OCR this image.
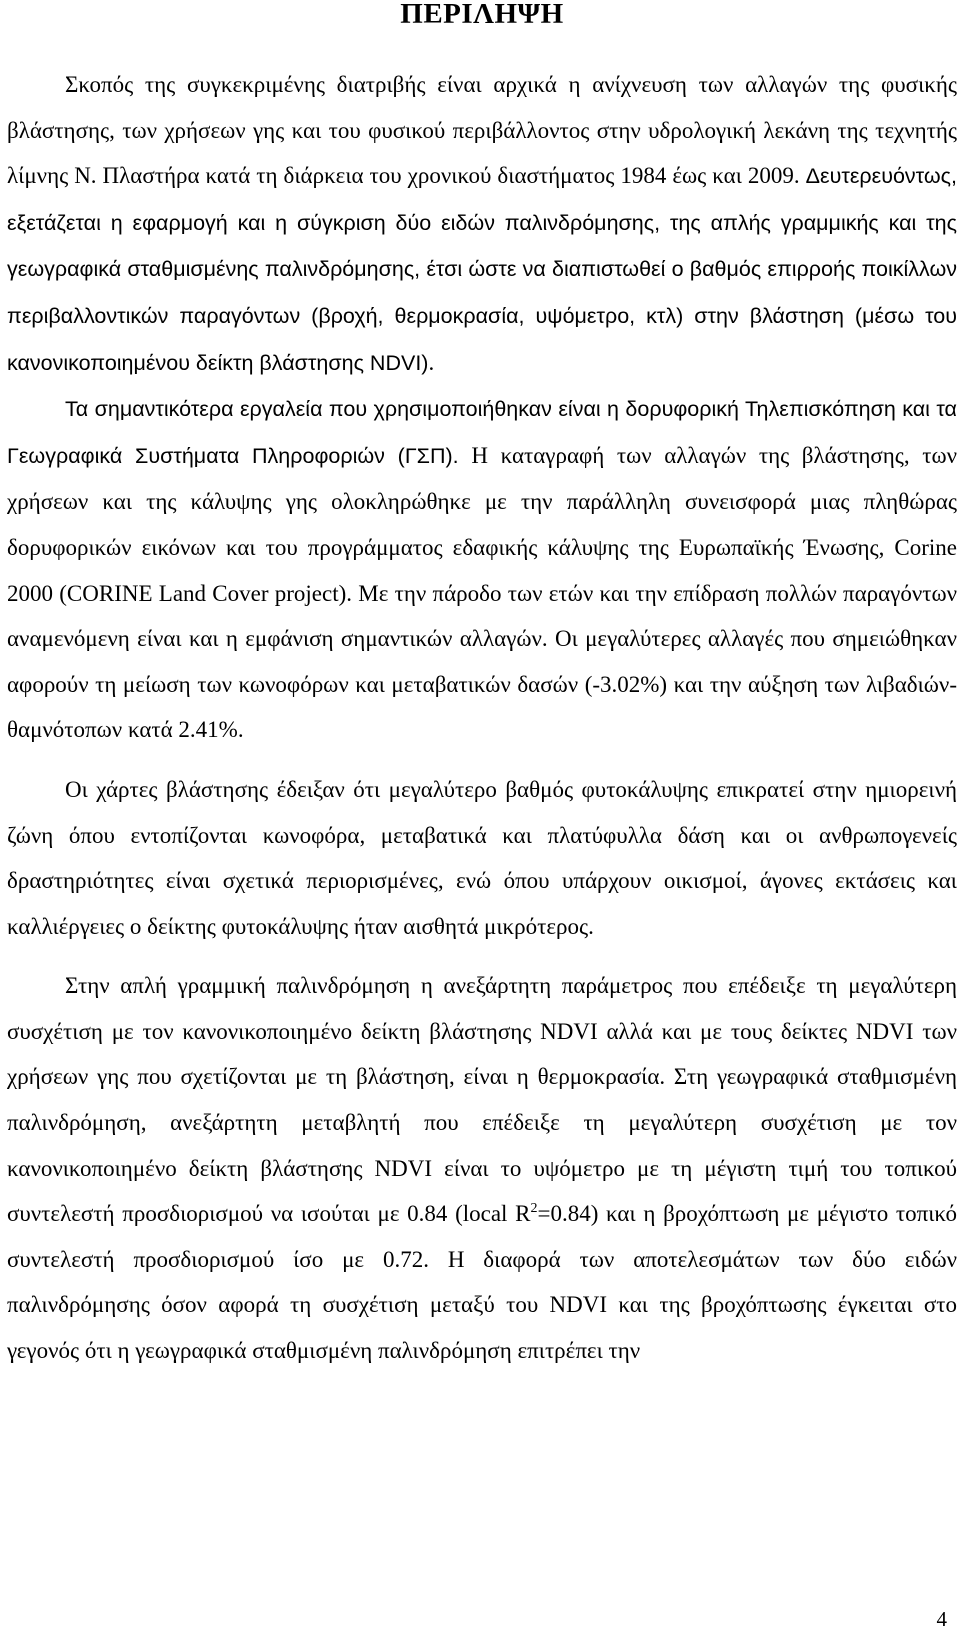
ΠΕΡΙΛΗΨΗ

Σκοπός της συγκεκριμένης διατριβής είναι αρχικά η ανίχνευση των αλλαγών της φυσικής βλάστησης, των χρήσεων γης και του φυσικού περιβάλλοντος στην υδρολογική λεκάνη της τεχνητής λίμνης Ν. Πλαστήρα κατά τη διάρκεια του χρονικού διαστήματος 1984 έως και 2009. Δευτερευόντως, εξετάζεται η εφαρμογή και η σύγκριση δύο ειδών παλινδρόμησης, της απλής γραμμικής και της γεωγραφικά σταθμισμένης παλινδρόμησης, έτσι ώστε να διαπιστωθεί ο βαθμός επιρροής ποικίλλων περιβαλλοντικών παραγόντων (βροχή, θερμοκρασία, υψόμετρο, κτλ) στην βλάστηση (μέσω του κανονικοποιημένου δείκτη βλάστησης NDVI).

Τα σημαντικότερα εργαλεία που χρησιμοποιήθηκαν είναι η δορυφορική Τηλεπισκόπηση και τα Γεωγραφικά Συστήματα Πληροφοριών (ΓΣΠ). Η καταγραφή των αλλαγών της βλάστησης, των χρήσεων και της κάλυψης γης ολοκληρώθηκε με την παράλληλη συνεισφορά μιας πληθώρας δορυφορικών εικόνων και του προγράμματος εδαφικής κάλυψης της Ευρωπαϊκής Ένωσης, Corine 2000 (CORINE Land Cover project). Με την πάροδο των ετών και την επίδραση πολλών παραγόντων αναμενόμενη είναι και η εμφάνιση σημαντικών αλλαγών. Οι μεγαλύτερες αλλαγές που σημειώθηκαν αφορούν τη μείωση των κωνοφόρων και μεταβατικών δασών (-3.02%) και την αύξηση των λιβαδιών-θαμνότοπων κατά 2.41%.

Οι χάρτες βλάστησης έδειξαν ότι μεγαλύτερο βαθμός φυτοκάλυψης επικρατεί στην ημιορεινή ζώνη όπου εντοπίζονται κωνοφόρα, μεταβατικά και πλατύφυλλα δάση και οι ανθρωπογενείς δραστηριότητες είναι σχετικά περιορισμένες, ενώ όπου υπάρχουν οικισμοί, άγονες εκτάσεις και καλλιέργειες ο δείκτης φυτοκάλυψης ήταν αισθητά μικρότερος.

Στην απλή γραμμική παλινδρόμηση η ανεξάρτητη παράμετρος που επέδειξε τη μεγαλύτερη συσχέτιση με τον κανονικοποιημένο δείκτη βλάστησης NDVI αλλά και με τους δείκτες NDVI των χρήσεων γης που σχετίζονται με τη βλάστηση, είναι η θερμοκρασία. Στη γεωγραφικά σταθμισμένη παλινδρόμηση, ανεξάρτητη μεταβλητή που επέδειξε τη μεγαλύτερη συσχέτιση με τον κανονικοποιημένο δείκτη βλάστησης NDVI είναι το υψόμετρο με τη μέγιστη τιμή του τοπικού συντελεστή προσδιορισμού να ισούται με 0.84 (local $R^2=0.84$) και η βροχόπτωση με μέγιστο τοπικό συντελεστή προσδιορισμού ίσο με 0.72. Η διαφορά των αποτελεσμάτων των δύο ειδών παλινδρόμησης όσον αφορά τη συσχέτιση μεταξύ του NDVI και της βροχόπτωσης έγκειται στο γεγονός ότι η γεωγραφικά σταθμισμένη παλινδρόμηση επιτρέπει την

4
